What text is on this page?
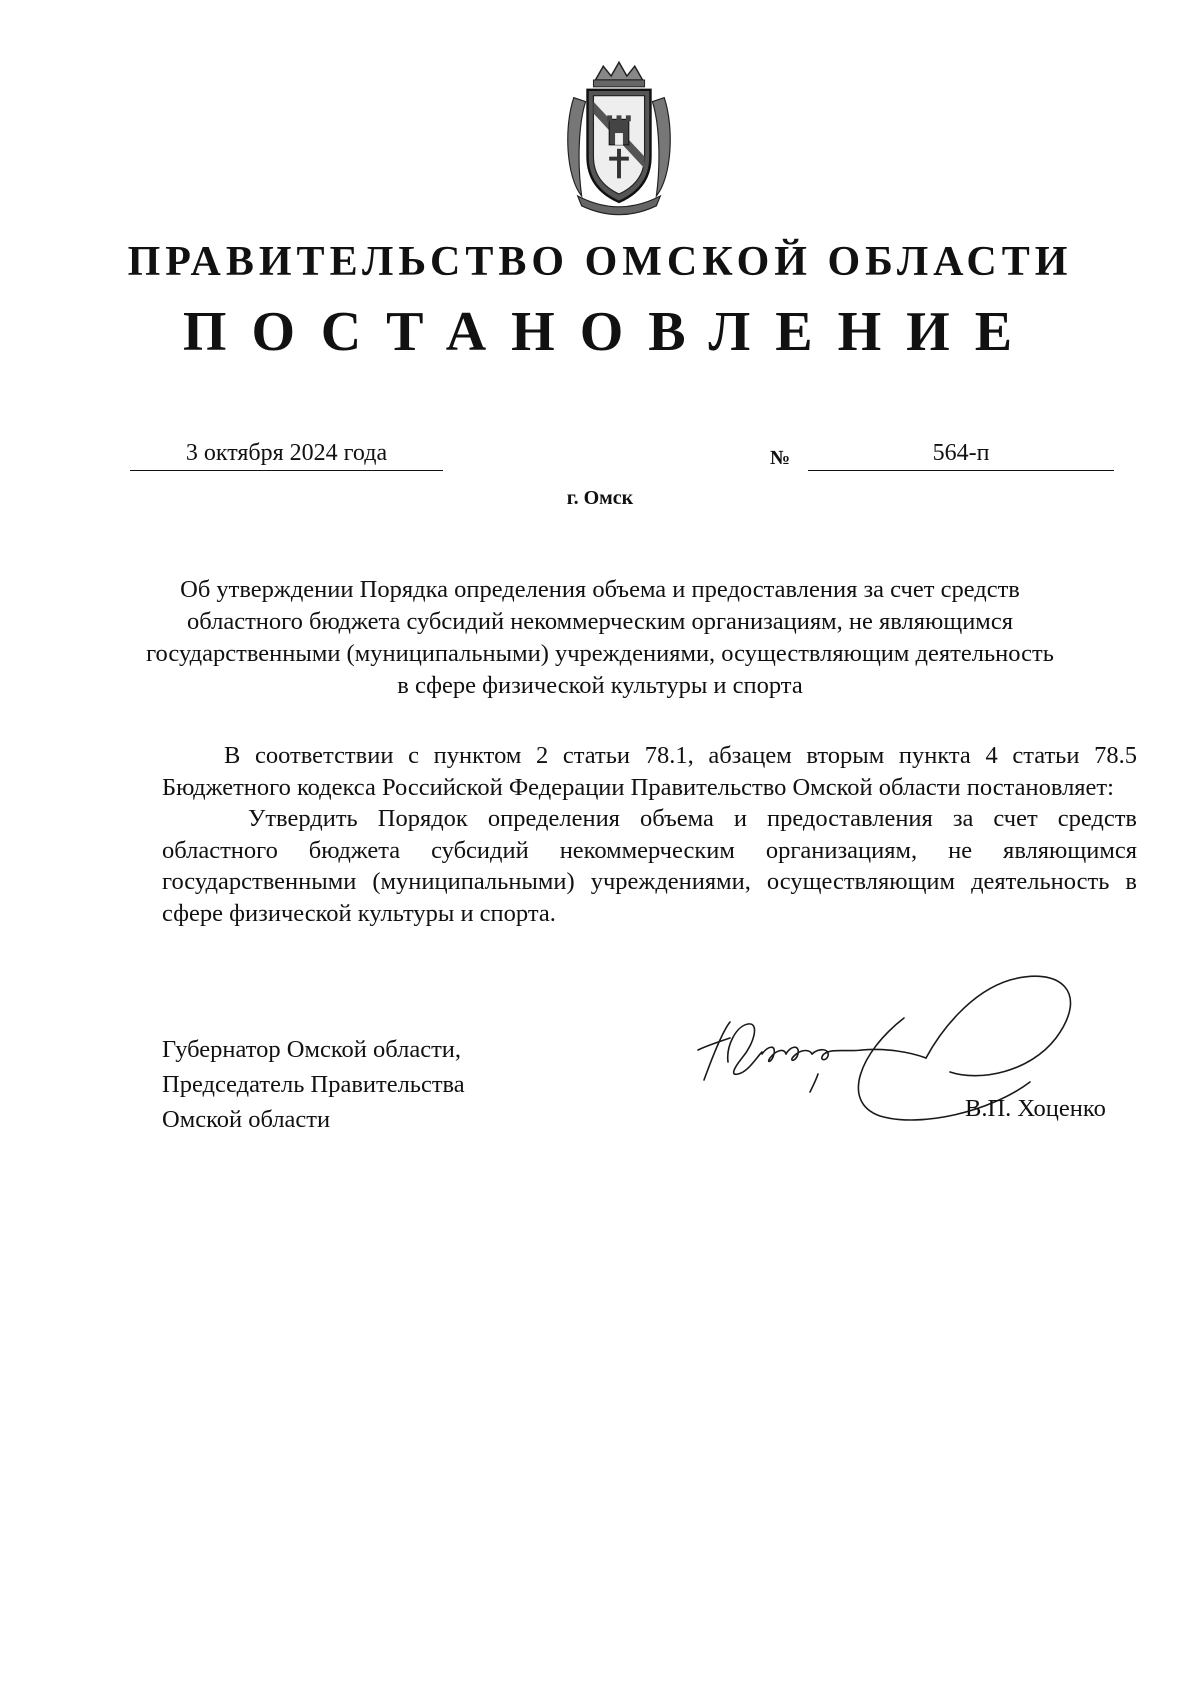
ПРАВИТЕЛЬСТВО ОМСКОЙ ОБЛАСТИ
ПОСТАНОВЛЕНИЕ
3 октября 2024 года	№	564-п
г. Омск

Об утверждении Порядка определения объема и предоставления за счет средств областного бюджета субсидий некоммерческим организациям, не являющимся государственными (муниципальными) учреждениями, осуществляющим деятельность в сфере физической культуры и спорта

В соответствии с пунктом 2 статьи 78.1, абзацем вторым пункта 4 статьи 78.5 Бюджетного кодекса Российской Федерации Правительство Омской области постановляет:

Утвердить Порядок определения объема и предоставления за счет средств областного бюджета субсидий некоммерческим организациям, не являющимся государственными (муниципальными) учреждениями, осуществляющим деятельность в сфере физической культуры и спорта.

Губернатор Омской области,
Председатель Правительства
Омской области	В.П. Хоценко
